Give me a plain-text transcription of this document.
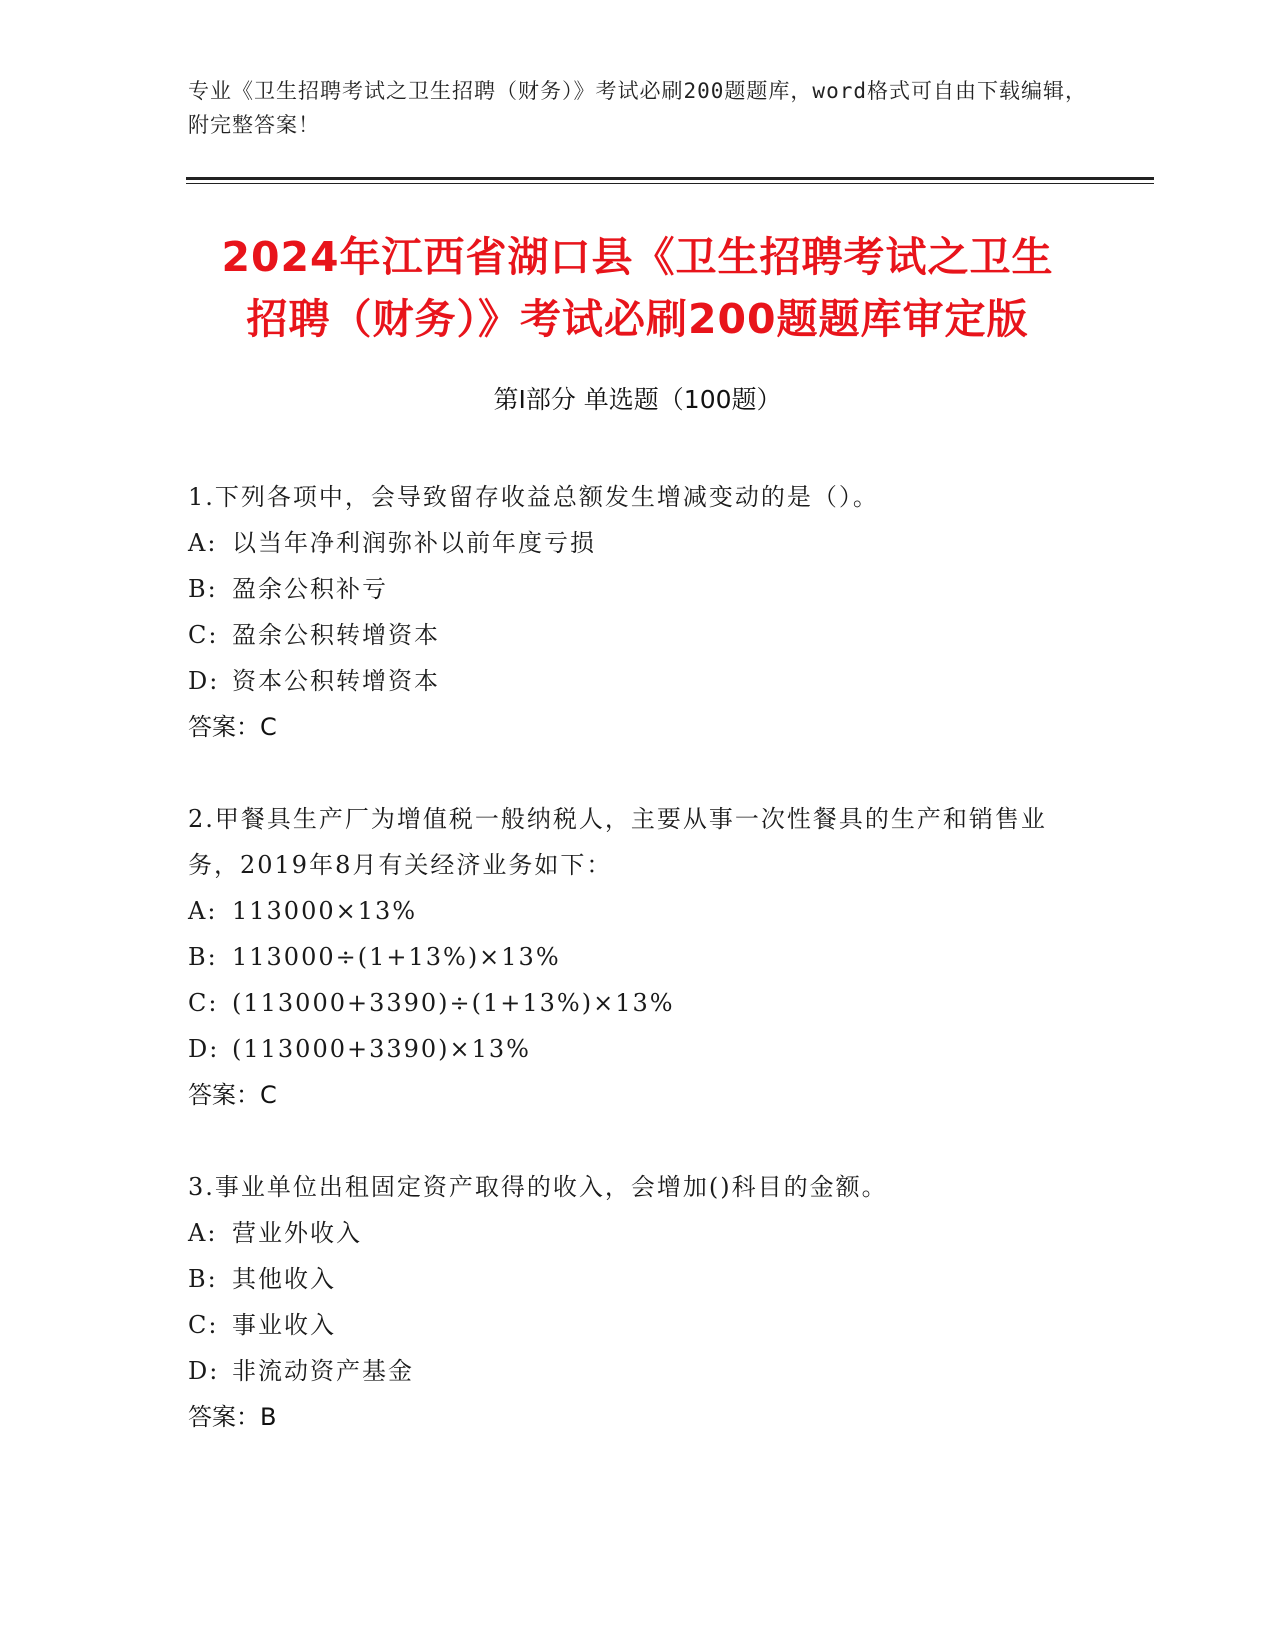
专业《卫生招聘考试之卫生招聘（财务）》考试必刷200题题库，word格式可自由下载编辑，附完整答案！
2024年江西省湖口县《卫生招聘考试之卫生
招聘（财务）》考试必刷200题题库审定版
第I部分 单选题（100题）
1.下列各项中，会导致留存收益总额发生增减变动的是（）。
A: 以当年净利润弥补以前年度亏损
B: 盈余公积补亏
C: 盈余公积转增资本
D: 资本公积转增资本
答案：C
2.甲餐具生产厂为增值税一般纳税人，主要从事一次性餐具的生产和销售业务，2019年8月有关经济业务如下：
A: 113000×13%
B: 113000÷(1+13%)×13%
C: (113000+3390)÷(1+13%)×13%
D: (113000+3390)×13%
答案：C
3.事业单位出租固定资产取得的收入，会增加()科目的金额。
A: 营业外收入
B: 其他收入
C: 事业收入
D: 非流动资产基金
答案：B
